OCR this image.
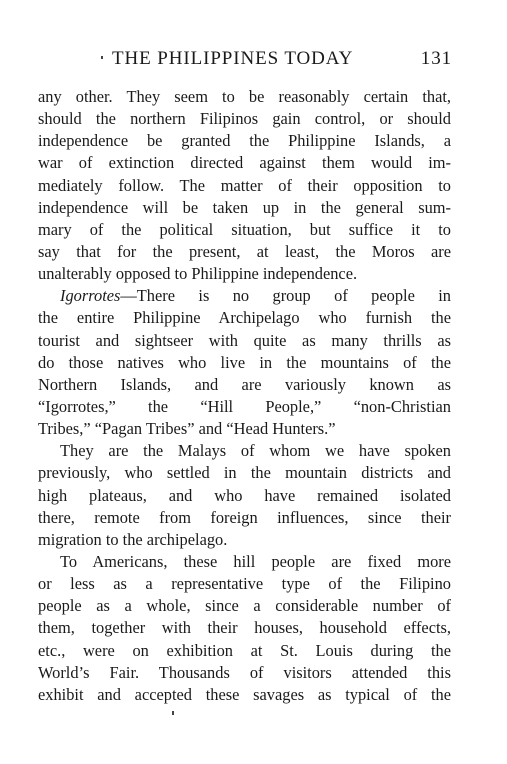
THE PHILIPPINES TODAY	131
any other. They seem to be reasonably certain that,
should the northern Filipinos gain control, or should
independence be granted the Philippine Islands, a
war of extinction directed against them would im-
mediately follow. The matter of their opposition to
independence will be taken up in the general sum-
mary of the political situation, but suffice it to
say that for the present, at least, the Moros are
unalterably opposed to Philippine independence.
Igorrotes—There is no group of people in
the entire Philippine Archipelago who furnish the
tourist and sightseer with quite as many thrills as
do those natives who live in the mountains of the
Northern Islands, and are variously known as
“Igorrotes,” the “Hill People,” “non-Christian
Tribes,” “Pagan Tribes” and “Head Hunters.”
They are the Malays of whom we have spoken
previously, who settled in the mountain districts and
high plateaus, and who have remained isolated
there, remote from foreign influences, since their
migration to the archipelago.
To Americans, these hill people are fixed more
or less as a representative type of the Filipino
people as a whole, since a considerable number of
them, together with their houses, household effects,
etc., were on exhibition at St. Louis during the
World’s Fair. Thousands of visitors attended this
exhibit and accepted these savages as typical of the
